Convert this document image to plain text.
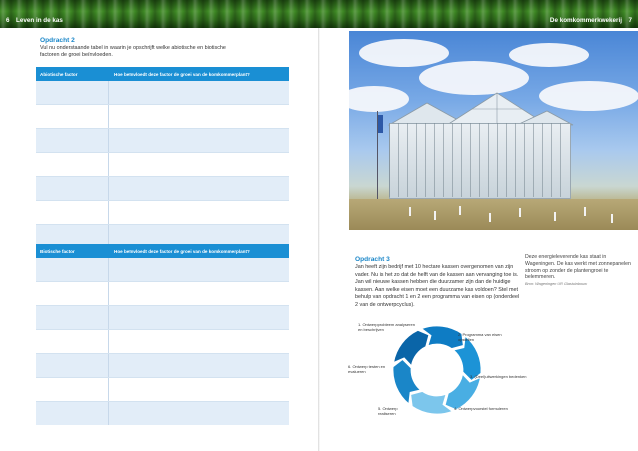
6 Leven in de kas	De komkommerkwekerij 7
Opdracht 2
Vul nu onderstaande tabel in waarin je opschrijft welke abiotische en biotische factoren de groei beïnvloeden.
Abiotische factor	Hoe beïnvloedt deze factor de groei van de komkommerplant?
Biotische factor	Hoe beïnvloedt deze factor de groei van de komkommerplant?
Deze energieleverende kas staat in Wageningen. De kas werkt met zonnepanelen stroom op zonder de plantengroei te belemmeren.
Bron: Wageningen UR Glastuinbouw
Opdracht 3
Jan heeft zijn bedrijf met 10 hectare kassen overgenomen van zijn vader. Nu is het zo dat de helft van de kassen aan vervanging toe is. Jan wil nieuwe kassen hebben die duurzamer zijn dan de huidige kassen. Aan welke eisen moet een duurzame kas voldoen? Stel met behulp van opdracht 1 en 2 een programma van eisen op (onderdeel 2 van de ontwerpcyclus).
1. Ontwerpprobleem analyseren en beschrijven
2. Programma van eisen opstellen
3. (Deel)uitwerkingen bedenken
4. Ontwerpvoorstel formuleren
5. Ontwerp realiseren
6. Ontwerp testen en evalueren
